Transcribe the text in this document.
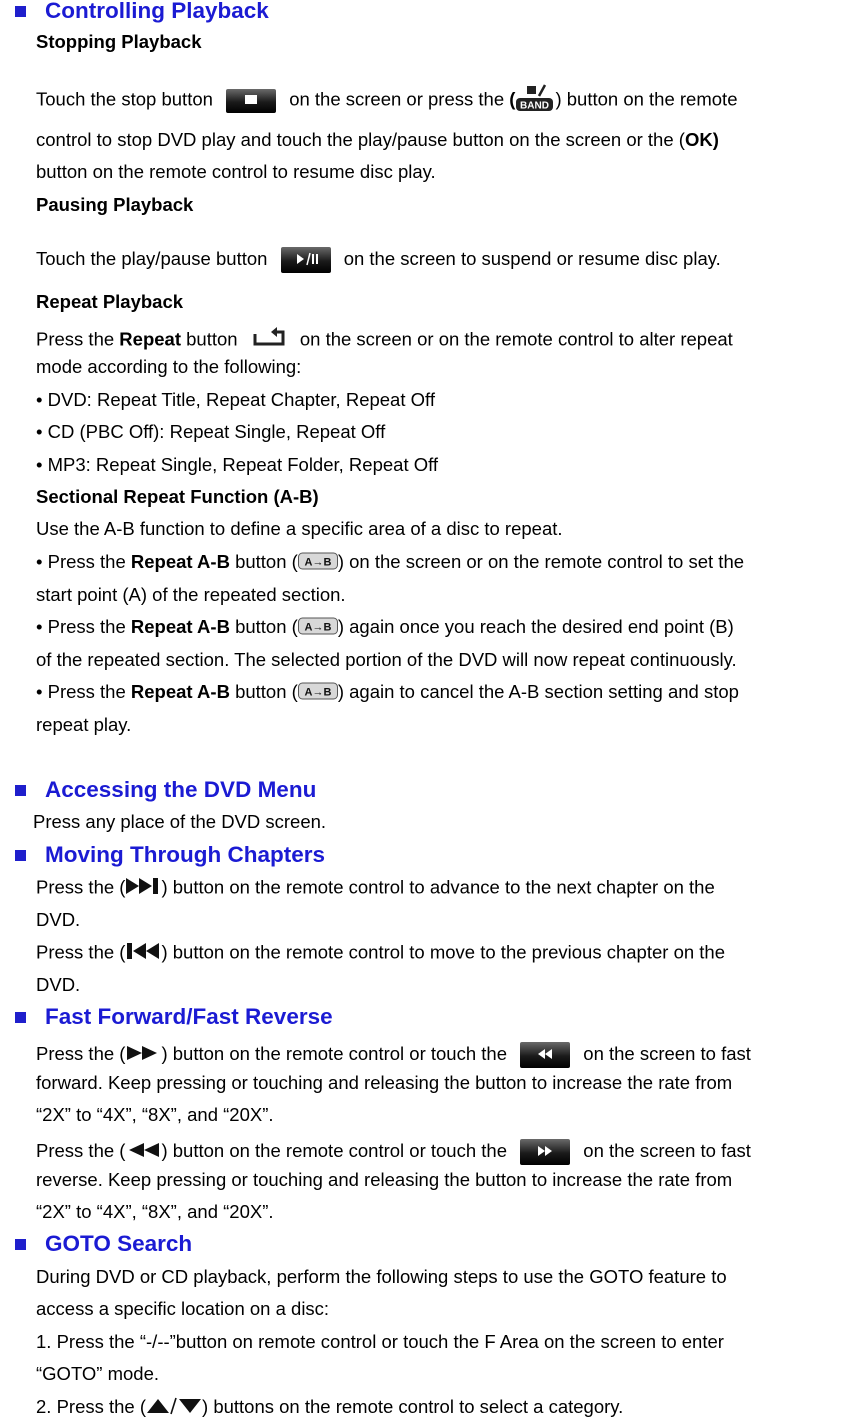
Controlling Playback
Stopping Playback
Touch the stop button	on the screen or press the ( BAND ) button on the remote
control to stop DVD play and touch the play/pause button on the screen or the (OK)
button on the remote control to resume disc play.
Pausing Playback
Touch the play/pause button	on the screen to suspend or resume disc play.
Repeat Playback
Press the Repeat button	on the screen or on the remote control to alter repeat
mode according to the following:
• DVD: Repeat Title, Repeat Chapter, Repeat Off
• CD (PBC Off): Repeat Single, Repeat Off
• MP3: Repeat Single, Repeat Folder, Repeat Off
Sectional Repeat Function (A-B)
Use the A-B function to define a specific area of a disc to repeat.
• Press the Repeat A-B button ( A→B ) on the screen or on the remote control to set the
start point (A) of the repeated section.
• Press the Repeat A-B button ( A→B ) again once you reach the desired end point (B)
of the repeated section. The selected portion of the DVD will now repeat continuously.
• Press the Repeat A-B button ( A→B ) again to cancel the A-B section setting and stop
repeat play.
Accessing the DVD Menu
Press any place of the DVD screen.
Moving Through Chapters
Press the ( ) button on the remote control to advance to the next chapter on the
DVD.
Press the ( ) button on the remote control to move to the previous chapter on the
DVD.
Fast Forward/Fast Reverse
Press the ( ) button on the remote control or touch the	on the screen to fast
forward. Keep pressing or touching and releasing the button to increase the rate from
“2X” to “4X”, “8X”, and “20X”.
Press the ( ) button on the remote control or touch the	on the screen to fast
reverse. Keep pressing or touching and releasing the button to increase the rate from
“2X” to “4X”, “8X”, and “20X”.
GOTO Search
During DVD or CD playback, perform the following steps to use the GOTO feature to
access a specific location on a disc:
1. Press the “-/--”button on remote control or touch the F Area on the screen to enter
“GOTO” mode.
2. Press the (	) buttons on the remote control to select a category.
